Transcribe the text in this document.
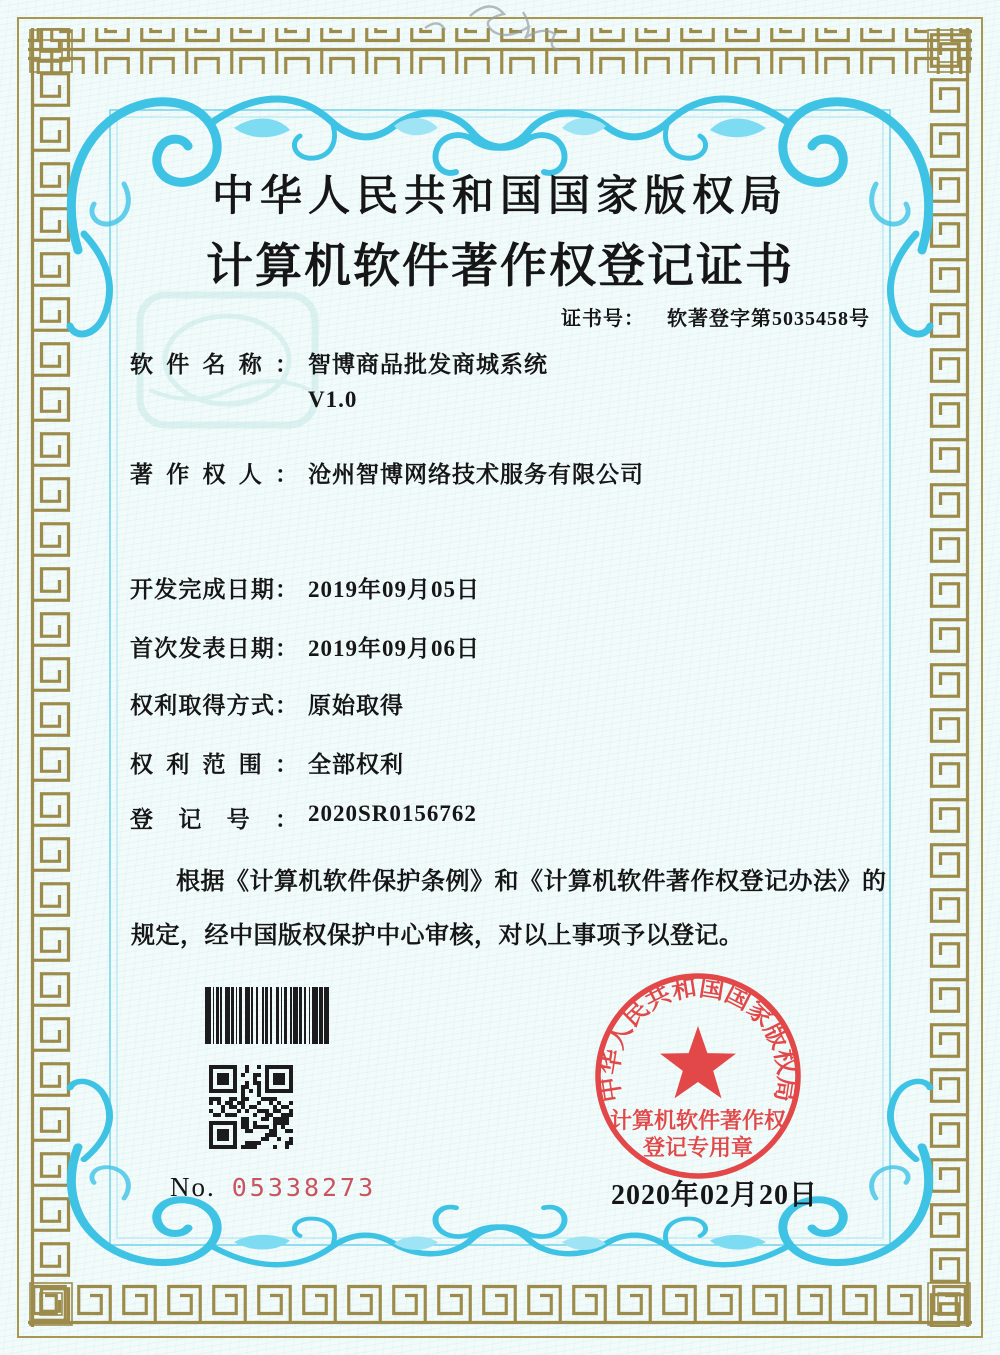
中华人民共和国国家版权局
计算机软件著作权登记证书
证书号： 软著登字第5035458号
软件名称： 智博商品批发商城系统
V1.0
著作权人： 沧州智博网络技术服务有限公司
开发完成日期： 2019年09月05日
首次发表日期： 2019年09月06日
权利取得方式： 原始取得
权利范围： 全部权利
登记号： 2020SR0156762
根据《计算机软件保护条例》和《计算机软件著作权登记办法》的
规定，经中国版权保护中心审核，对以上事项予以登记。
No. 05338273
中华人民共和国国家版权局
计算机软件著作权
登记专用章
2020年02月20日
